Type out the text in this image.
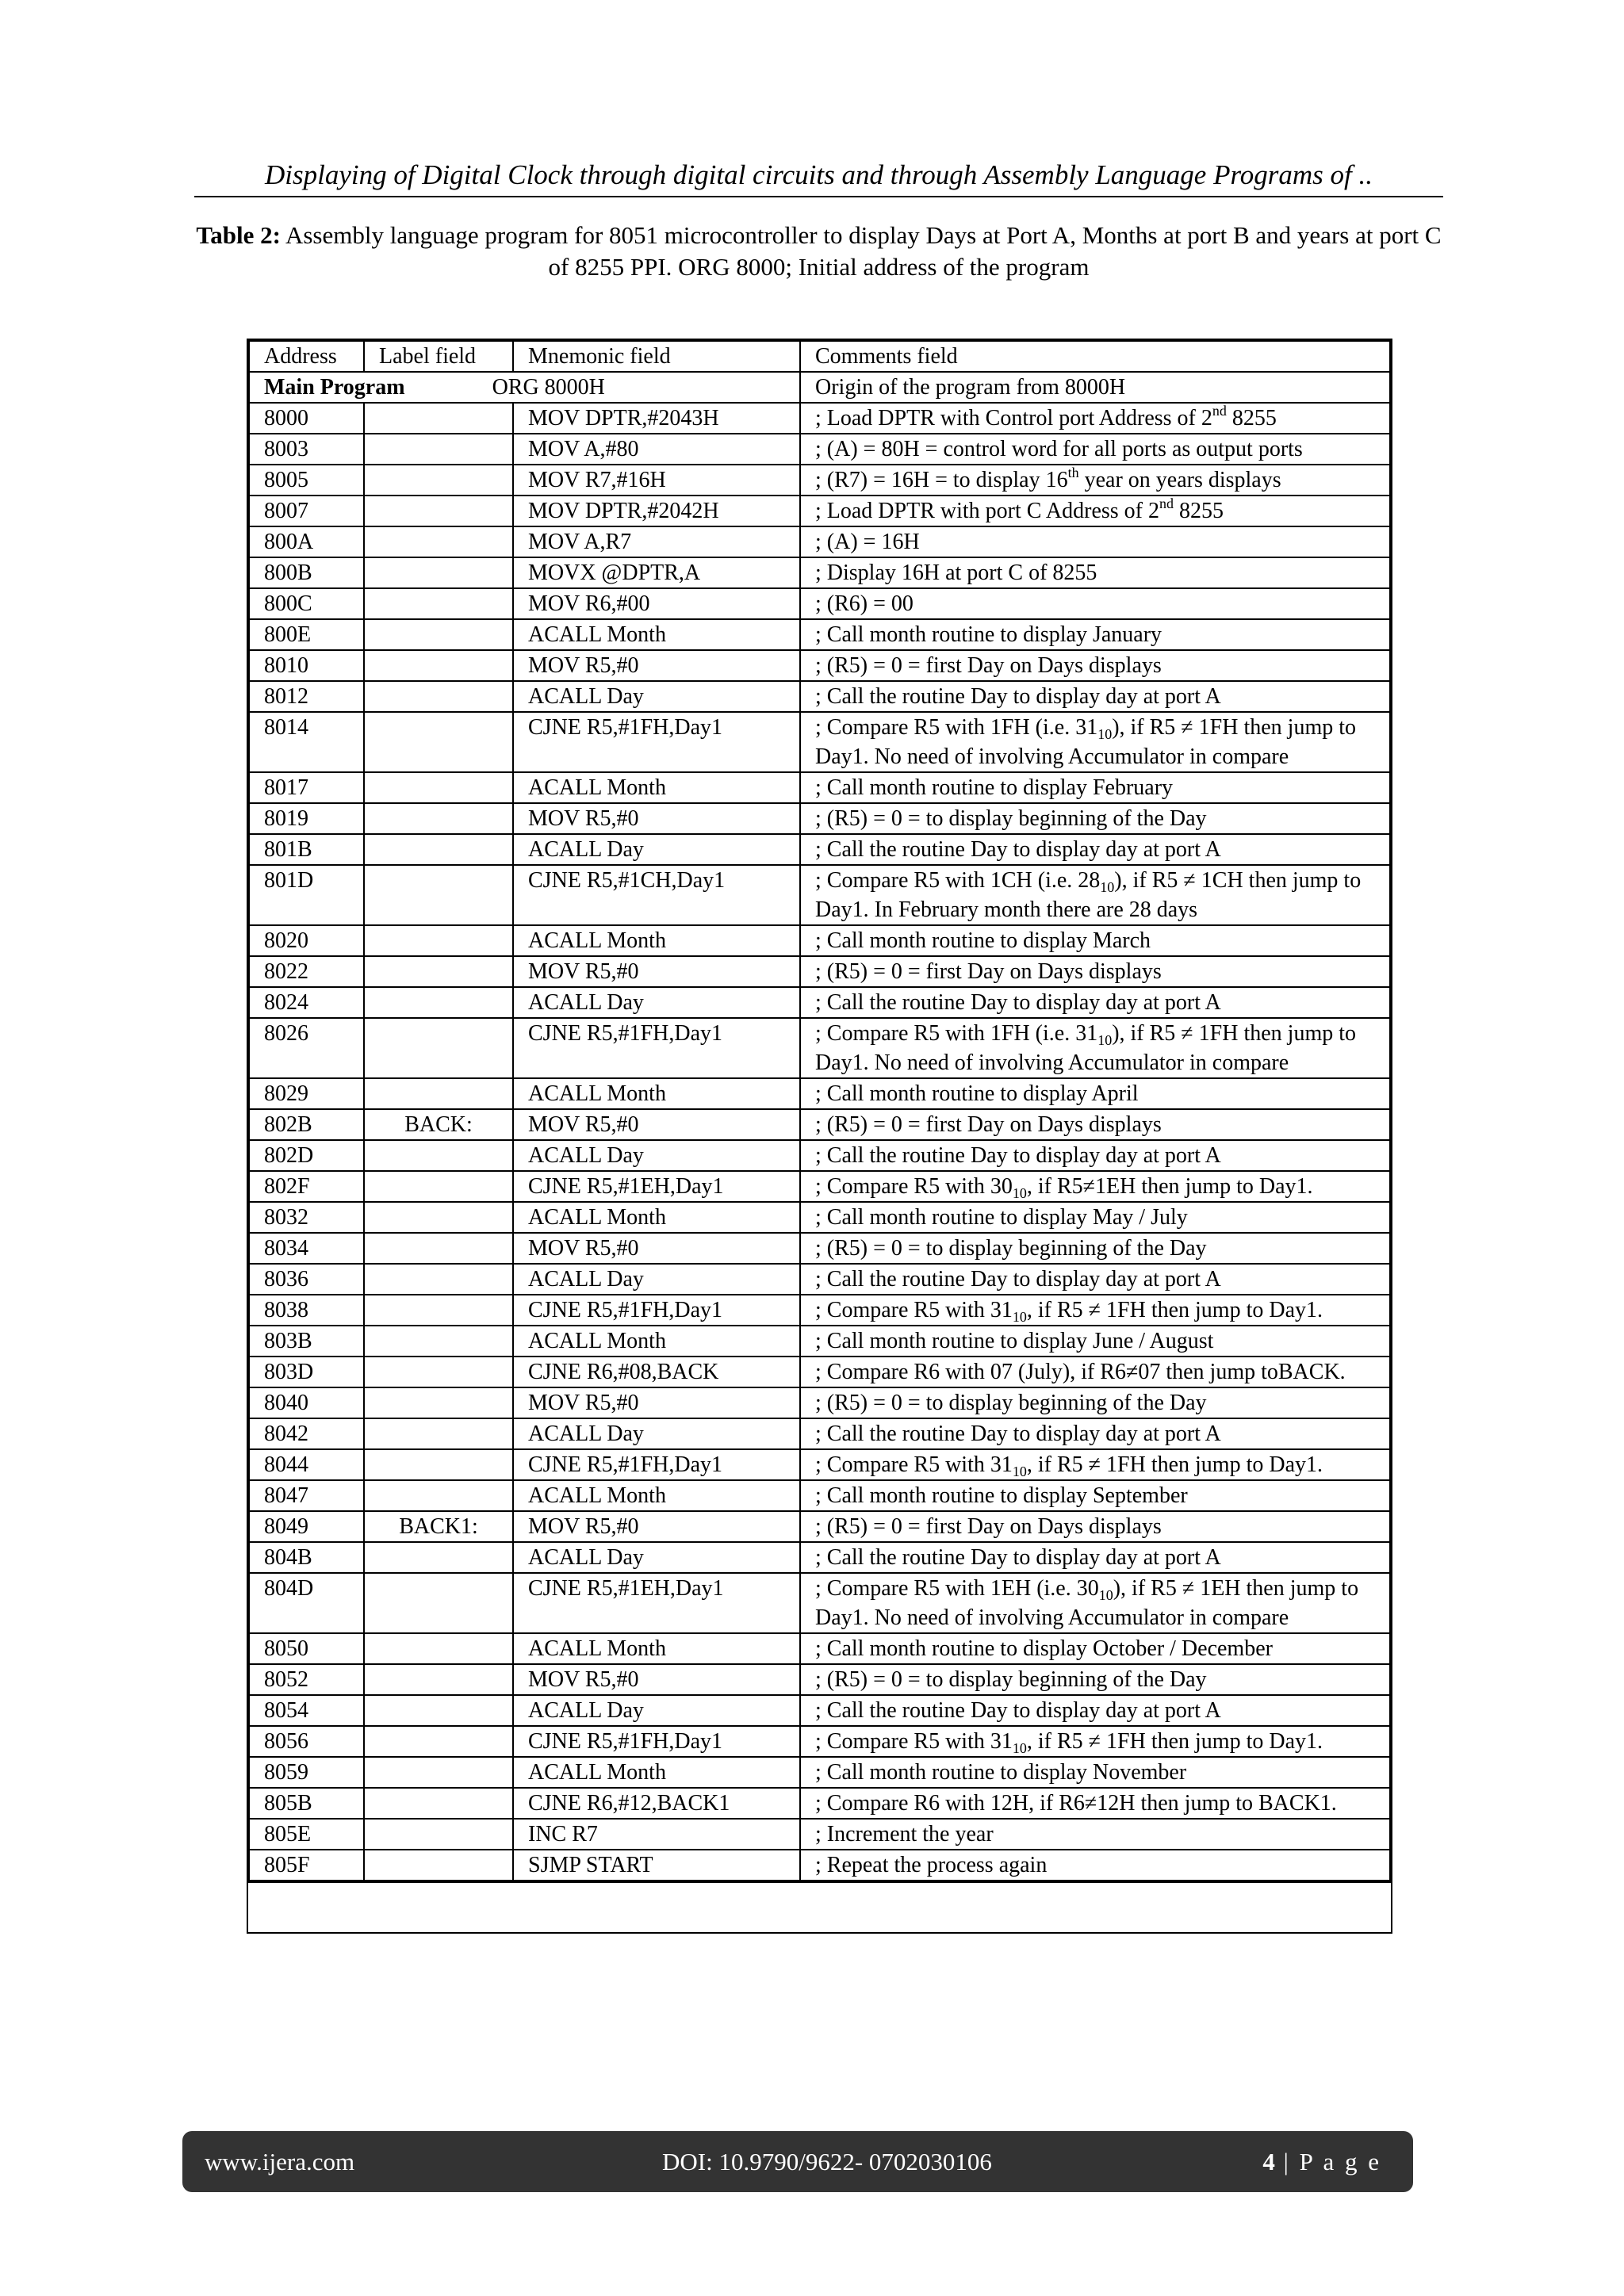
Displaying of Digital Clock through digital circuits and through Assembly Language Programs of ..
Table 2: Assembly language program for 8051 microcontroller to display Days at Port A, Months at port B and years at port C of 8255 PPI. ORG 8000; Initial address of the program
Address	Label field	Mnemonic field	Comments field
Main Program ORG 8000H			Origin of the program from 8000H
8000		MOV DPTR,#2043H	; Load DPTR with Control port Address of 2nd 8255
8003		MOV A,#80	; (A) = 80H = control word for all ports as output ports
8005		MOV R7,#16H	; (R7) = 16H = to display 16th year on years displays
8007		MOV DPTR,#2042H	; Load DPTR with port C Address of 2nd 8255
800A		MOV A,R7	; (A) = 16H
800B		MOVX @DPTR,A	; Display 16H at port C of 8255
800C		MOV R6,#00	; (R6) = 00
800E		ACALL Month	; Call month routine to display January
8010		MOV R5,#0	; (R5) = 0 = first Day on Days displays
8012		ACALL Day	; Call the routine Day to display day at port A
8014		CJNE R5,#1FH,Day1	; Compare R5 with 1FH (i.e. $31_{10}$), if R5 ≠ 1FH then jump to Day1. No need of involving Accumulator in compare
8017		ACALL Month	; Call month routine to display February
8019		MOV R5,#0	; (R5) = 0 = to display beginning of the Day
801B		ACALL Day	; Call the routine Day to display day at port A
801D		CJNE R5,#1CH,Day1	; Compare R5 with 1CH (i.e. $28_{10}$), if R5 ≠ 1CH then jump to Day1. In February month there are 28 days
8020		ACALL Month	; Call month routine to display March
8022		MOV R5,#0	; (R5) = 0 = first Day on Days displays
8024		ACALL Day	; Call the routine Day to display day at port A
8026		CJNE R5,#1FH,Day1	; Compare R5 with 1FH (i.e. $31_{10}$), if R5 ≠ 1FH then jump to Day1. No need of involving Accumulator in compare
8029		ACALL Month	; Call month routine to display April
802B	BACK:	MOV R5,#0	; (R5) = 0 = first Day on Days displays
802D		ACALL Day	; Call the routine Day to display day at port A
802F		CJNE R5,#1EH,Day1	; Compare R5 with $30_{10}$, if R5≠1EH then jump to Day1.
8032		ACALL Month	; Call month routine to display May / July
8034		MOV R5,#0	; (R5) = 0 = to display beginning of the Day
8036		ACALL Day	; Call the routine Day to display day at port A
8038		CJNE R5,#1FH,Day1	; Compare R5 with $31_{10}$, if R5 ≠ 1FH then jump to Day1.
803B		ACALL Month	; Call month routine to display June / August
803D		CJNE R6,#08,BACK	; Compare R6 with 07 (July), if R6≠07 then jump toBACK.
8040		MOV R5,#0	; (R5) = 0 = to display beginning of the Day
8042		ACALL Day	; Call the routine Day to display day at port A
8044		CJNE R5,#1FH,Day1	; Compare R5 with $31_{10}$, if R5 ≠ 1FH then jump to Day1.
8047		ACALL Month	; Call month routine to display September
8049	BACK1:	MOV R5,#0	; (R5) = 0 = first Day on Days displays
804B		ACALL Day	; Call the routine Day to display day at port A
804D		CJNE R5,#1EH,Day1	; Compare R5 with 1EH (i.e. $30_{10}$), if R5 ≠ 1EH then jump to Day1. No need of involving Accumulator in compare
8050		ACALL Month	; Call month routine to display October / December
8052		MOV R5,#0	; (R5) = 0 = to display beginning of the Day
8054		ACALL Day	; Call the routine Day to display day at port A
8056		CJNE R5,#1FH,Day1	; Compare R5 with $31_{10}$, if R5 ≠ 1FH then jump to Day1.
8059		ACALL Month	; Call month routine to display November
805B		CJNE R6,#12,BACK1	; Compare R6 with 12H, if R6≠12H then jump to BACK1.
805E		INC R7	; Increment the year
805F		SJMP START	; Repeat the process again
www.ijera.com	DOI: 10.9790/9622- 0702030106	4 | P a g e
